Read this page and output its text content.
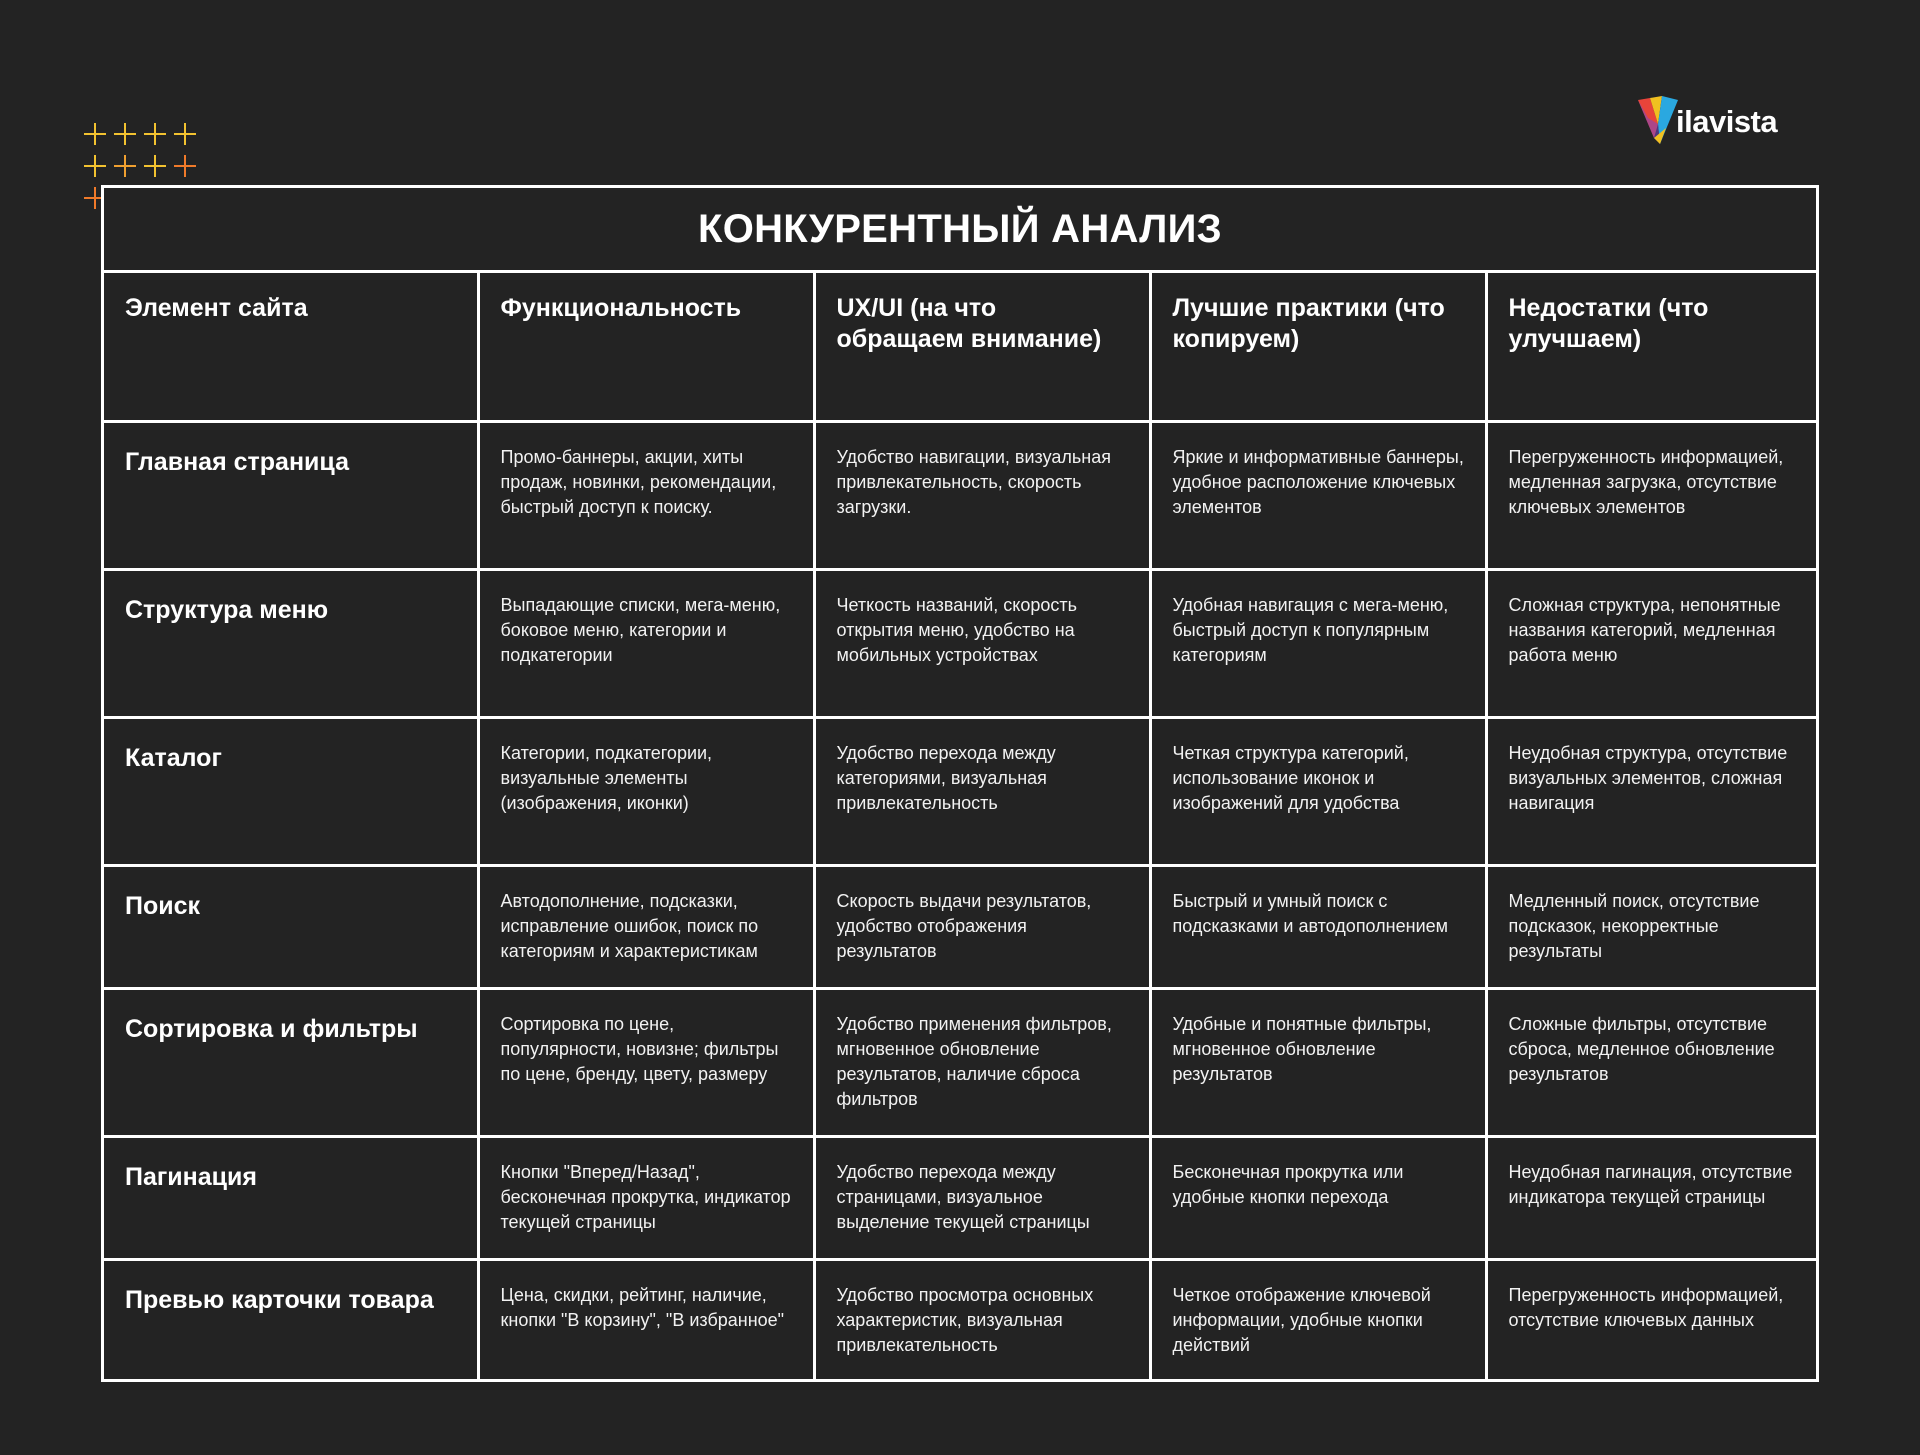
ilavista
КОНКУРЕНТНЫЙ АНАЛИЗ
Элемент сайта	Функциональность	UX/UI (на что обращаем внимание)	Лучшие практики (что копируем)	Недостатки (что улучшаем)
Главная страница	Промо-баннеры, акции, хиты продаж, новинки, рекомендации, быстрый доступ к поиску.	Удобство навигации, визуальная привлекательность, скорость загрузки.	Яркие и информативные баннеры, удобное расположение ключевых элементов	Перегруженность информацией, медленная загрузка, отсутствие ключевых элементов
Структура меню	Выпадающие списки, мега-меню, боковое меню, категории и подкатегории	Четкость названий, скорость открытия меню, удобство на мобильных устройствах	Удобная навигация с мега-меню, быстрый доступ к популярным категориям	Сложная структура, непонятные названия категорий, медленная работа меню
Каталог	Категории, подкатегории, визуальные элементы (изображения, иконки)	Удобство перехода между категориями, визуальная привлекательность	Четкая структура категорий, использование иконок и изображений для удобства	Неудобная структура, отсутствие визуальных элементов, сложная навигация
Поиск	Автодополнение, подсказки, исправление ошибок, поиск по категориям и характеристикам	Скорость выдачи результатов, удобство отображения результатов	Быстрый и умный поиск с подсказками и автодополнением	Медленный поиск, отсутствие подсказок, некорректные результаты
Сортировка и фильтры	Сортировка по цене, популярности, новизне; фильтры по цене, бренду, цвету, размеру	Удобство применения фильтров, мгновенное обновление результатов, наличие сброса фильтров	Удобные и понятные фильтры, мгновенное обновление результатов	Сложные фильтры, отсутствие сброса, медленное обновление результатов
Пагинация	Кнопки "Вперед/Назад", бесконечная прокрутка, индикатор текущей страницы	Удобство перехода между страницами, визуальное выделение текущей страницы	Бесконечная прокрутка или удобные кнопки перехода	Неудобная пагинация, отсутствие индикатора текущей страницы
Превью карточки товара	Цена, скидки, рейтинг, наличие, кнопки "В корзину", "В избранное"	Удобство просмотра основных характеристик, визуальная привлекательность	Четкое отображение ключевой информации, удобные кнопки действий	Перегруженность информацией, отсутствие ключевых данных
